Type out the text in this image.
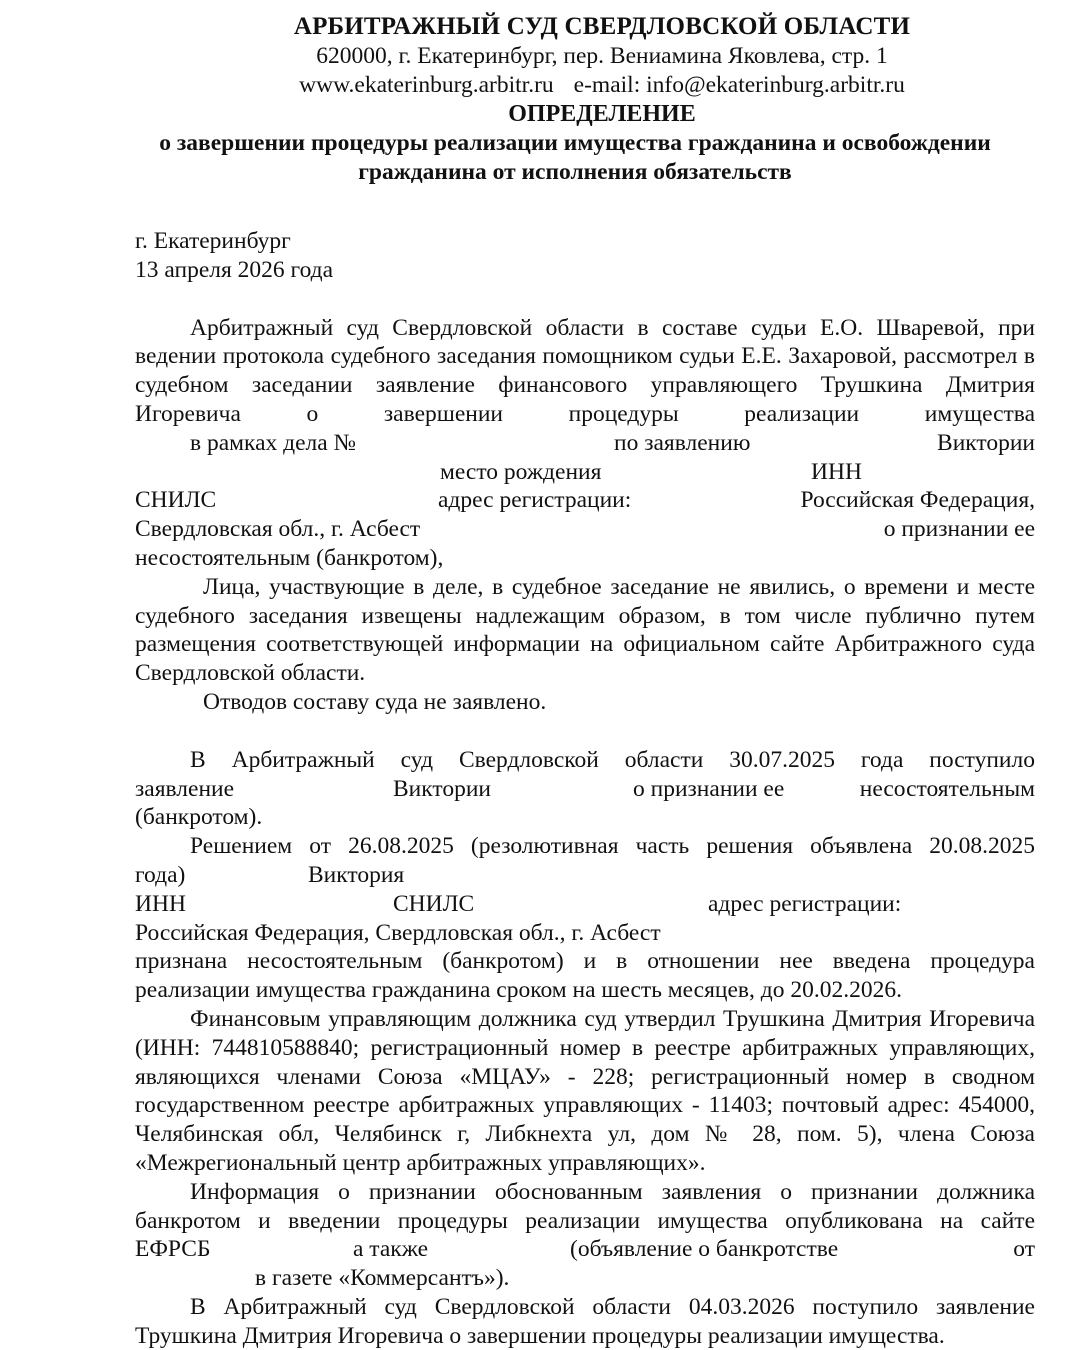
АРБИТРАЖНЫЙ СУД СВЕРДЛОВСКОЙ ОБЛАСТИ
620000, г. Екатеринбург, пер. Вениамина Яковлева, стр. 1
www.ekaterinburg.arbitr.ru e-mail: info@ekaterinburg.arbitr.ru
ОПРЕДЕЛЕНИЕ
о завершении процедуры реализации имущества гражданина и освобождении
гражданина от исполнения обязательств
г. Екатеринбург
13 апреля 2026 года
Арбитражный суд Свердловской области в составе судьи Е.О. Шваревой, при ведении протокола судебного заседания помощником судьи Е.Е. Захаровой, рассмотрел в судебном заседании заявление финансового управляющего Трушкина Дмитрия Игоревича о завершении процедуры реализации имущества
в рамках дела №	по заявлению	Виктории
место рождения	ИНН
СНИЛС	адрес регистрации:	Российская Федерация,
Свердловская обл., г. Асбест	о признании ее
несостоятельным (банкротом),
Лица, участвующие в деле, в судебное заседание не явились, о времени и месте судебного заседания извещены надлежащим образом, в том числе публично путем размещения соответствующей информации на официальном сайте Арбитражного суда Свердловской области.
Отводов составу суда не заявлено.
В Арбитражный суд Свердловской области 30.07.2025 года поступило
заявление	Виктории	о признании ее	несостоятельным
(банкротом).
Решением от 26.08.2025 (резолютивная часть решения объявлена 20.08.2025
года)	Виктория
ИНН	СНИЛС	адрес регистрации:
Российская Федерация, Свердловская обл., г. Асбест
признана несостоятельным (банкротом) и в отношении нее введена процедура реализации имущества гражданина сроком на шесть месяцев, до 20.02.2026.
Финансовым управляющим должника суд утвердил Трушкина Дмитрия Игоревича (ИНН: 744810588840; регистрационный номер в реестре арбитражных управляющих, являющихся членами Союза «МЦАУ» - 228; регистрационный номер в сводном государственном реестре арбитражных управляющих - 11403; почтовый адрес: 454000, Челябинская обл, Челябинск г, Либкнехта ул, дом № 28, пом. 5), члена Союза «Межрегиональный центр арбитражных управляющих».
Информация о признании обоснованным заявления о признании должника банкротом и введении процедуры реализации имущества опубликована на сайте
ЕФРСБ	а также	(объявление о банкротстве	от
в газете «Коммерсантъ»).
В Арбитражный суд Свердловской области 04.03.2026 поступило заявление Трушкина Дмитрия Игоревича о завершении процедуры реализации имущества.
